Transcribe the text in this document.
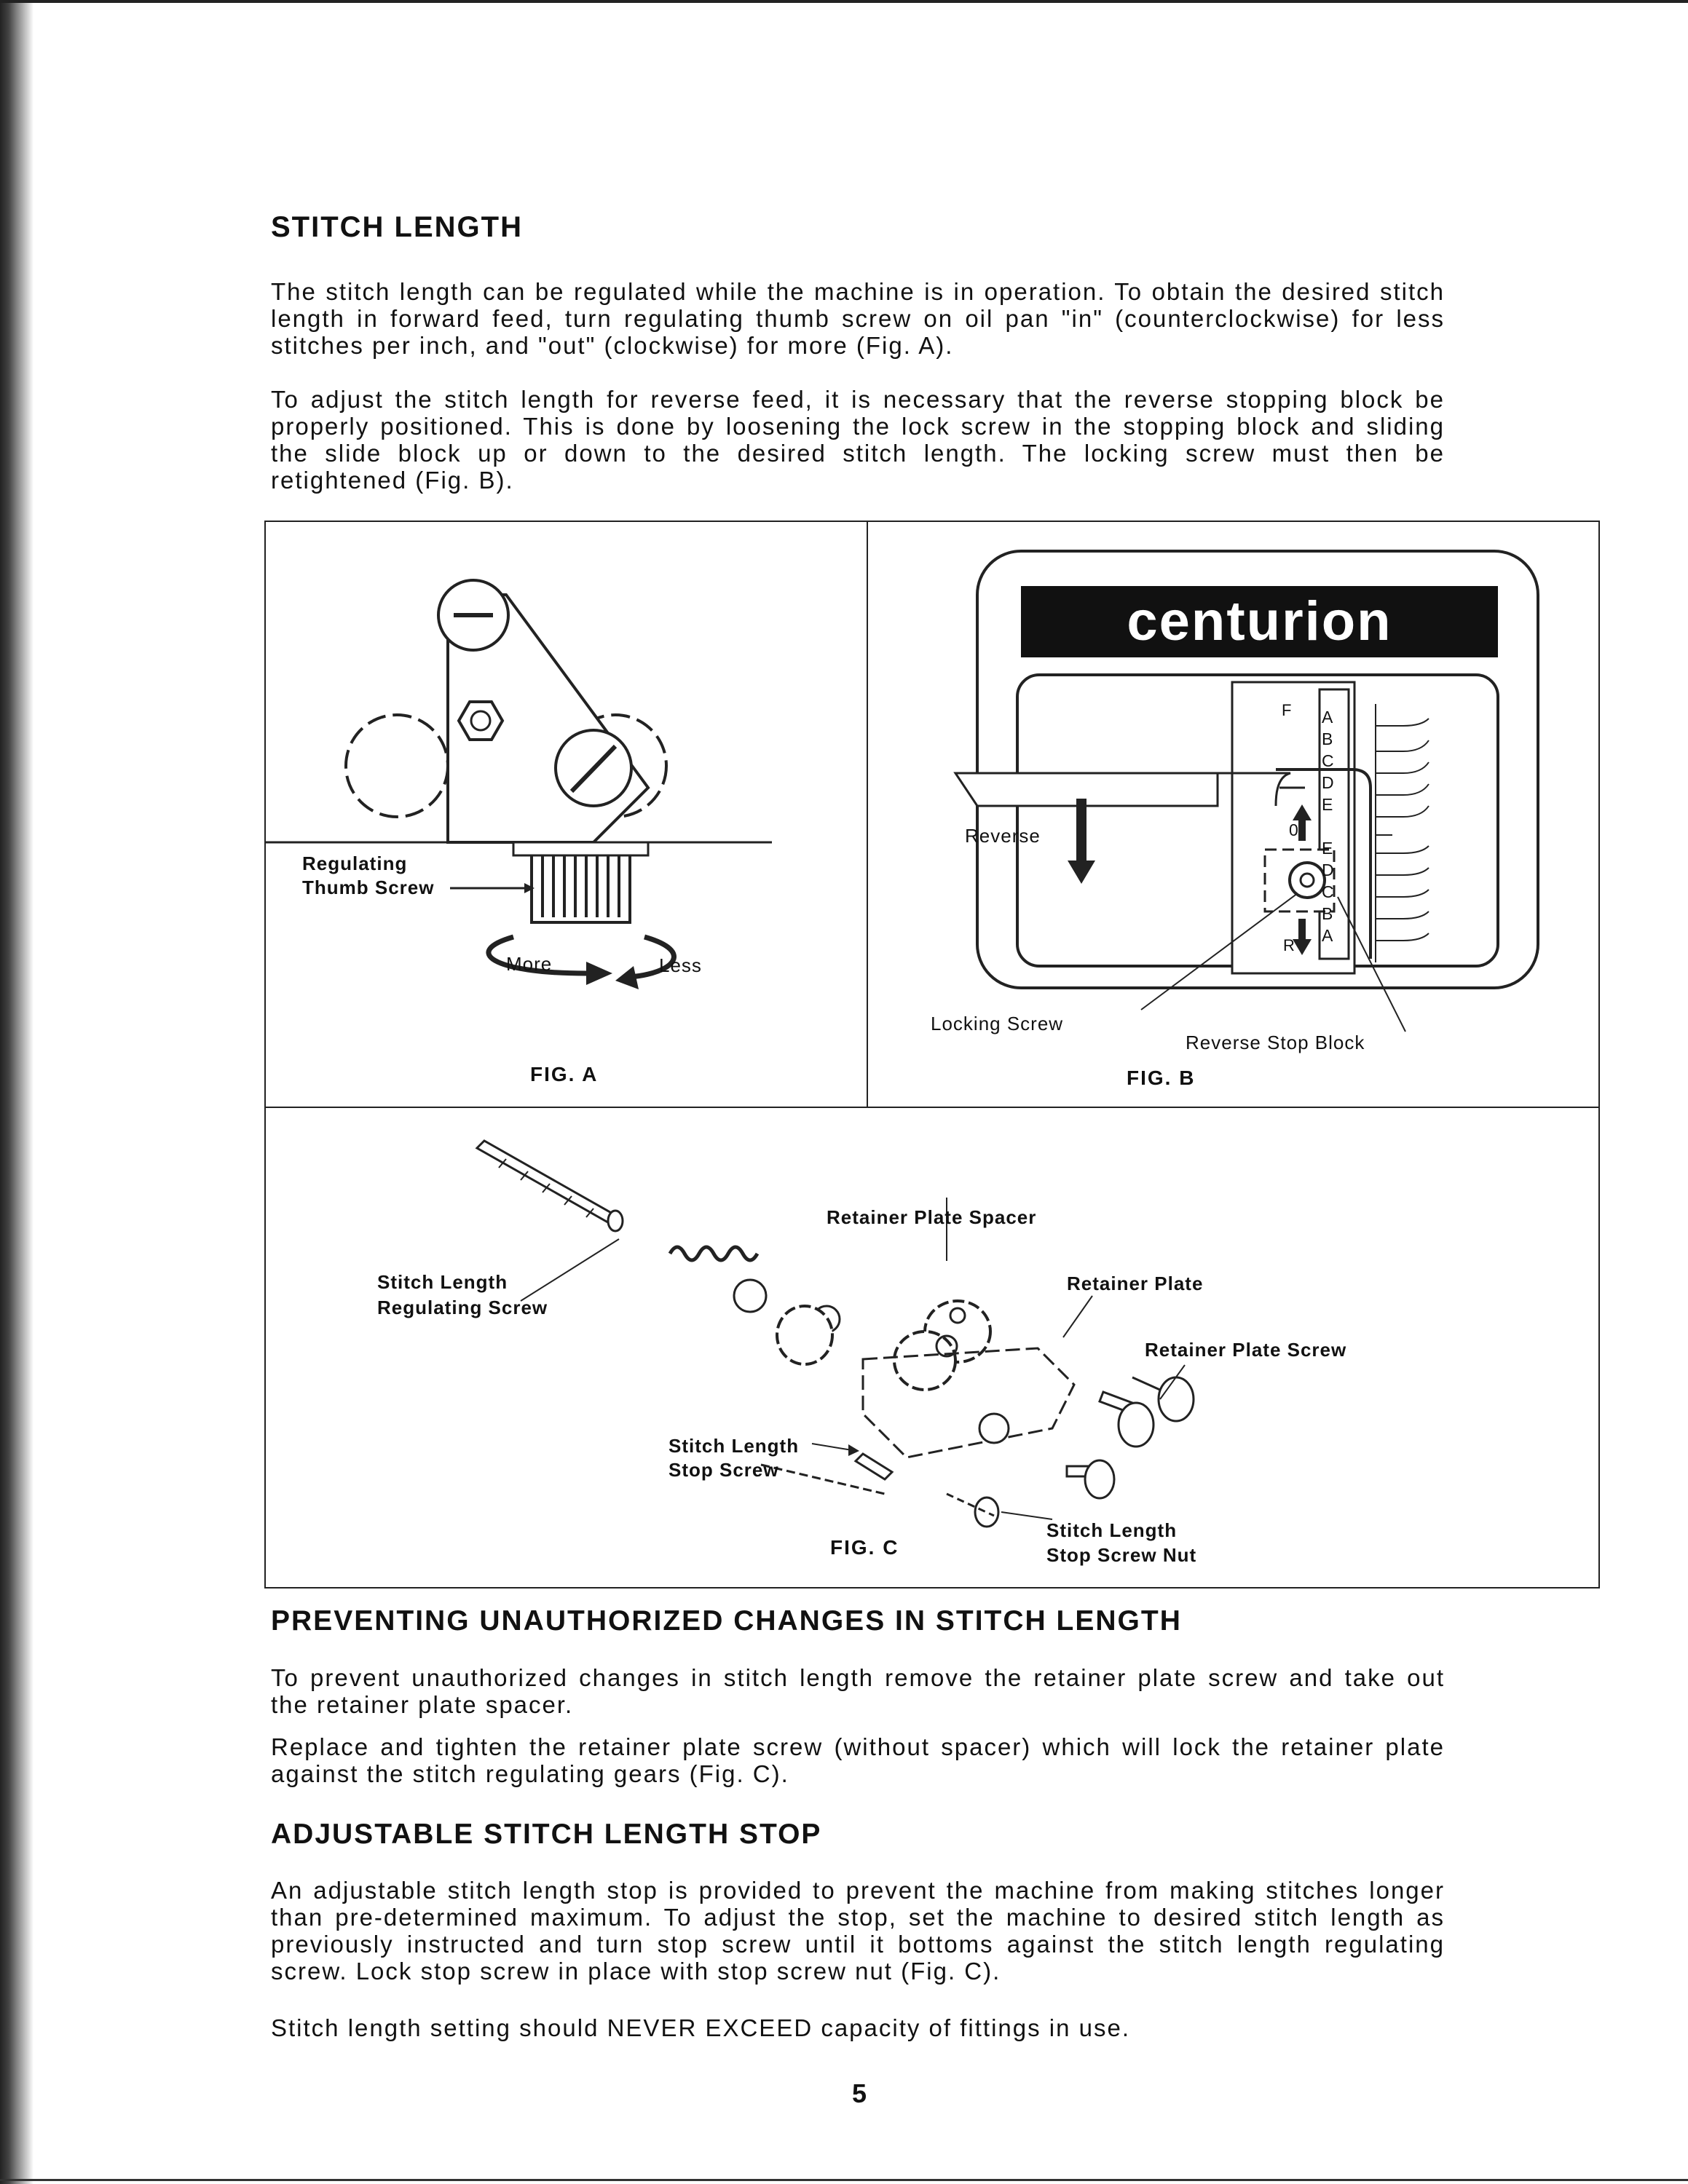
STITCH LENGTH

The stitch length can be regulated while the machine is in operation. To obtain the desired stitch length in forward feed, turn regulating thumb screw on oil pan "in" (counterclockwise) for less stitches per inch, and "out" (clockwise) for more (Fig. A).

To adjust the stitch length for reverse feed, it is necessary that the reverse stopping block be properly positioned. This is done by loosening the lock screw in the stopping block and sliding the slide block up or down to the desired stitch length. The locking screw must then be retightened (Fig. B).

Regulating
Thumb Screw
More	Less
FIG. A
centurion
F A
B
C
D
E
0
E
D
C
B
A
R
Reverse
Locking Screw
Reverse Stop Block
FIG. B
Retainer Plate Spacer
Retainer Plate
Retainer Plate Screw
Stitch Length
Regulating Screw
Stitch Length
Stop Screw
Stitch Length
Stop Screw Nut
FIG. C
PREVENTING UNAUTHORIZED CHANGES IN STITCH LENGTH

To prevent unauthorized changes in stitch length remove the retainer plate screw and take out the retainer plate spacer.

Replace and tighten the retainer plate screw (without spacer) which will lock the retainer plate against the stitch regulating gears (Fig. C).

ADJUSTABLE STITCH LENGTH STOP

An adjustable stitch length stop is provided to prevent the machine from making stitches longer than pre-determined maximum. To adjust the stop, set the machine to desired stitch length as previously instructed and turn stop screw until it bottoms against the stitch length regulating screw. Lock stop screw in place with stop screw nut (Fig. C).

Stitch length setting should NEVER EXCEED capacity of fittings in use.

5
